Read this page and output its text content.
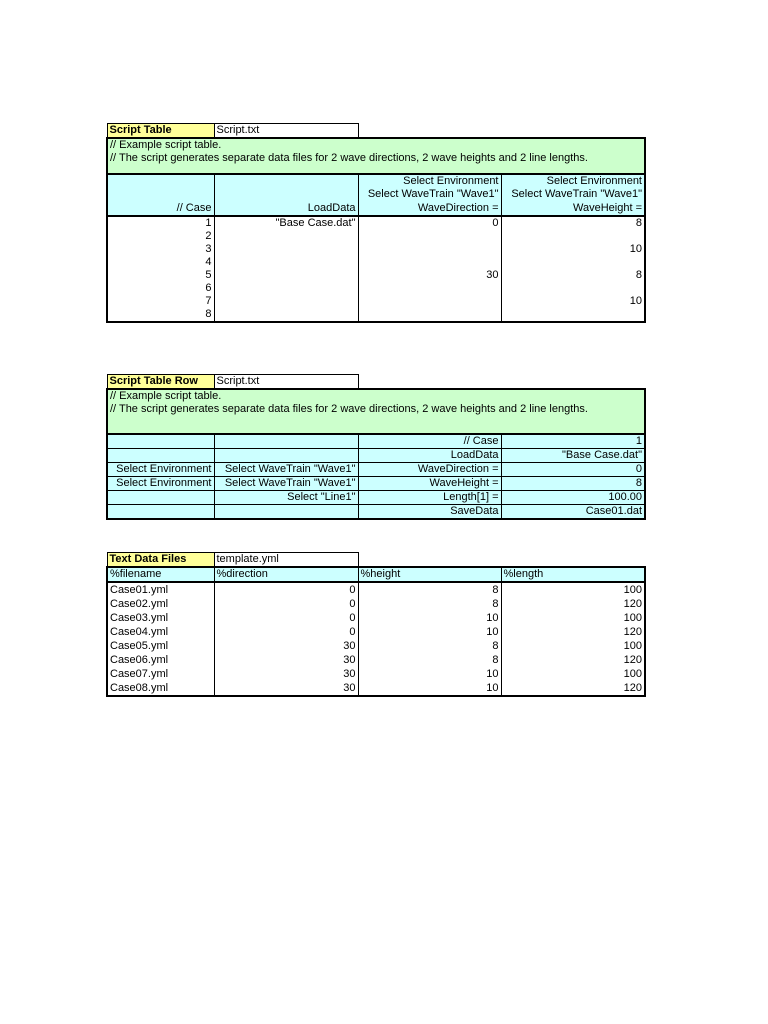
Script Table	Script.txt		
// Example script table.			
// The script generates separate data files for 2 wave directions, 2 wave heights and 2 line lengths.			

		Select Environment	Select Environment
		Select WaveTrain "Wave1"	Select WaveTrain "Wave1"
// Case	LoadData	WaveDirection =	WaveHeight =
1	"Base Case.dat"	0	8
2			
3			10
4			
5		30	8
6			
7			10
8			
Script Table Row	Script.txt		
// Example script table.			
// The script generates separate data files for 2 wave directions, 2 wave heights and 2 line lengths.			

		// Case	1
		LoadData	"Base Case.dat"
Select Environment	Select WaveTrain "Wave1"	WaveDirection =	0
Select Environment	Select WaveTrain "Wave1"	WaveHeight =	8
	Select "Line1"	Length[1] =	100.00
		SaveData	Case01.dat
Text Data Files	template.yml		
%filename	%direction	%height	%length
Case01.yml	0	8	100
Case02.yml	0	8	120
Case03.yml	0	10	100
Case04.yml	0	10	120
Case05.yml	30	8	100
Case06.yml	30	8	120
Case07.yml	30	10	100
Case08.yml	30	10	120
